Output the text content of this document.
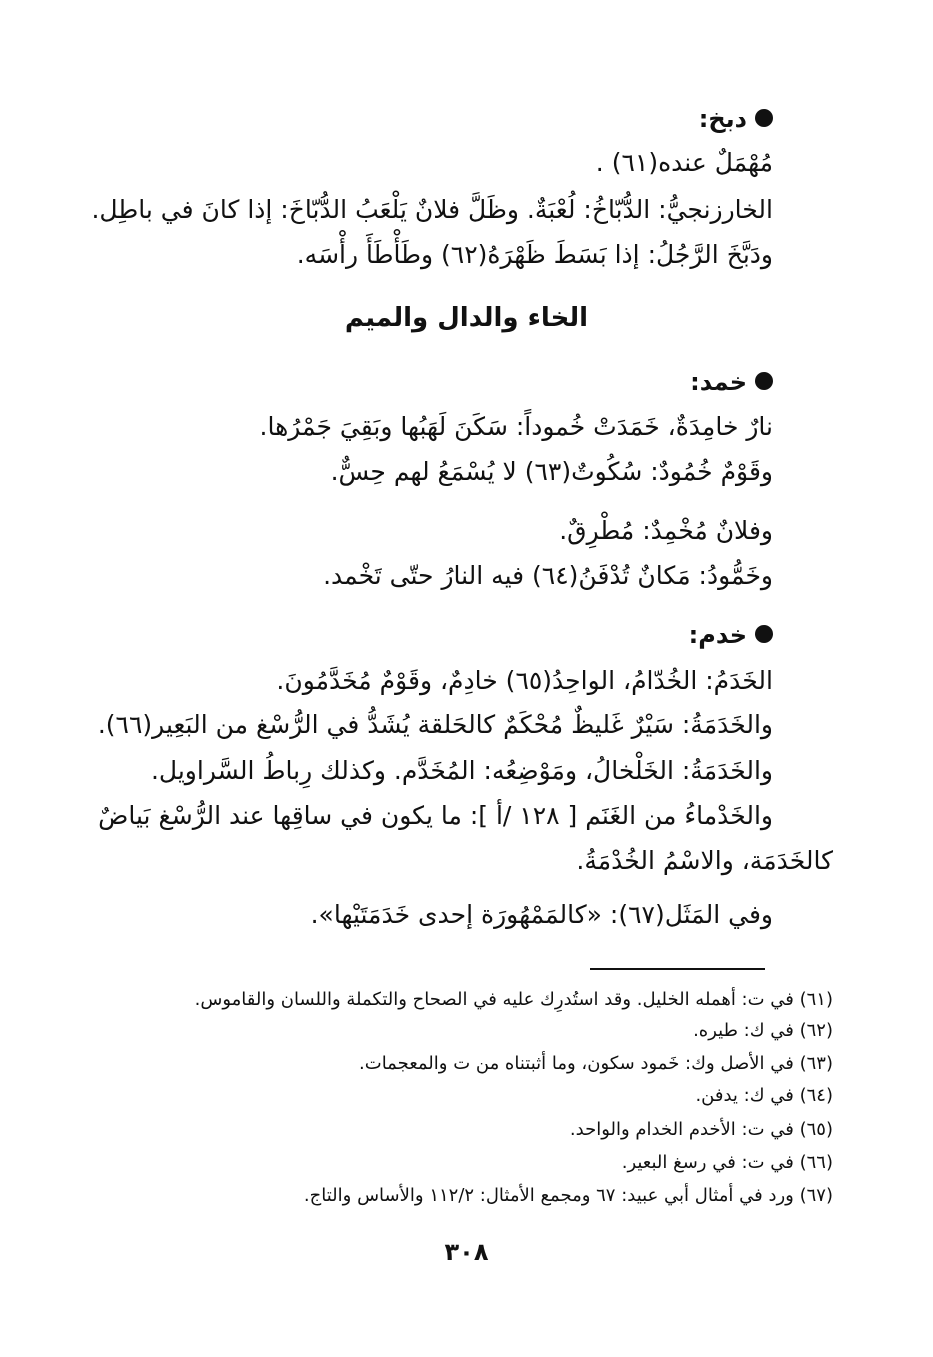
دبخ:
مُهْمَلٌ عنده(٦١) .
الخارزنجيُّ: الدُّبّاخُ: لُعْبَةٌ. وظَلَّ فلانٌ يَلْعَبُ الدُّبّاخَ: إذا كانَ في باطِل.
ودَبَّخَ الرَّجُلُ: إذا بَسَطَ ظَهْرَهُ(٦٢) وطَأْطَأَ رأْسَه.
الخاء والدال والميم
خمد:
نارٌ خامِدَةٌ، خَمَدَتْ خُموداً: سَكَنَ لَهَبُها وبَقِيَ جَمْرُها.
وقَوْمٌ خُمُودٌ: سُكُوتٌ(٦٣) لا يُسْمَعُ لهم حِسٌّ.
وفلانٌ مُخْمِدٌ: مُطْرِقٌ.
وخَمُّودُ: مَكانٌ تُدْفَنُ(٦٤) فيه النارُ حتّى تَخْمد.
خدم:
الخَدَمُ: الخُدّامُ، الواحِدُ(٦٥) خادِمٌ، وقَوْمٌ مُخَدَّمُونَ.
والخَدَمَةُ: سَيْرٌ غَليظٌ مُحْكَمٌ كالحَلقة يُشَدُّ في الرُّسْغ من البَعِير(٦٦).
والخَدَمَةُ: الخَلْخالُ، ومَوْضِعُه: المُخَدَّم. وكذلك رِباطُ السَّراويل.
والخَدْماءُ من الغَنَم [ ١٢٨ /أ ]: ما يكون في ساقِها عند الرُّسْغ بَياضٌ
كالخَدَمَة، والاسْمُ الخُدْمَةُ.
وفي المَثَل(٦٧): «كالمَمْهُورَة إحدى خَدَمَتَيْها».
(٦١) في ت: أهمله الخليل. وقد استُدرِك عليه في الصحاح والتكملة واللسان والقاموس.
(٦٢) في ك: طيره.
(٦٣) في الأصل وك: خَمود سكون، وما أثبتناه من ت والمعجمات.
(٦٤) في ك: يدفن.
(٦٥) في ت: الأخدم الخدام والواحد.
(٦٦) في ت: في رسغ البعير.
(٦٧) ورد في أمثال أبي عبيد: ٦٧ ومجمع الأمثال: ١١٢/٢ والأساس والتاج.
٣٠٨
